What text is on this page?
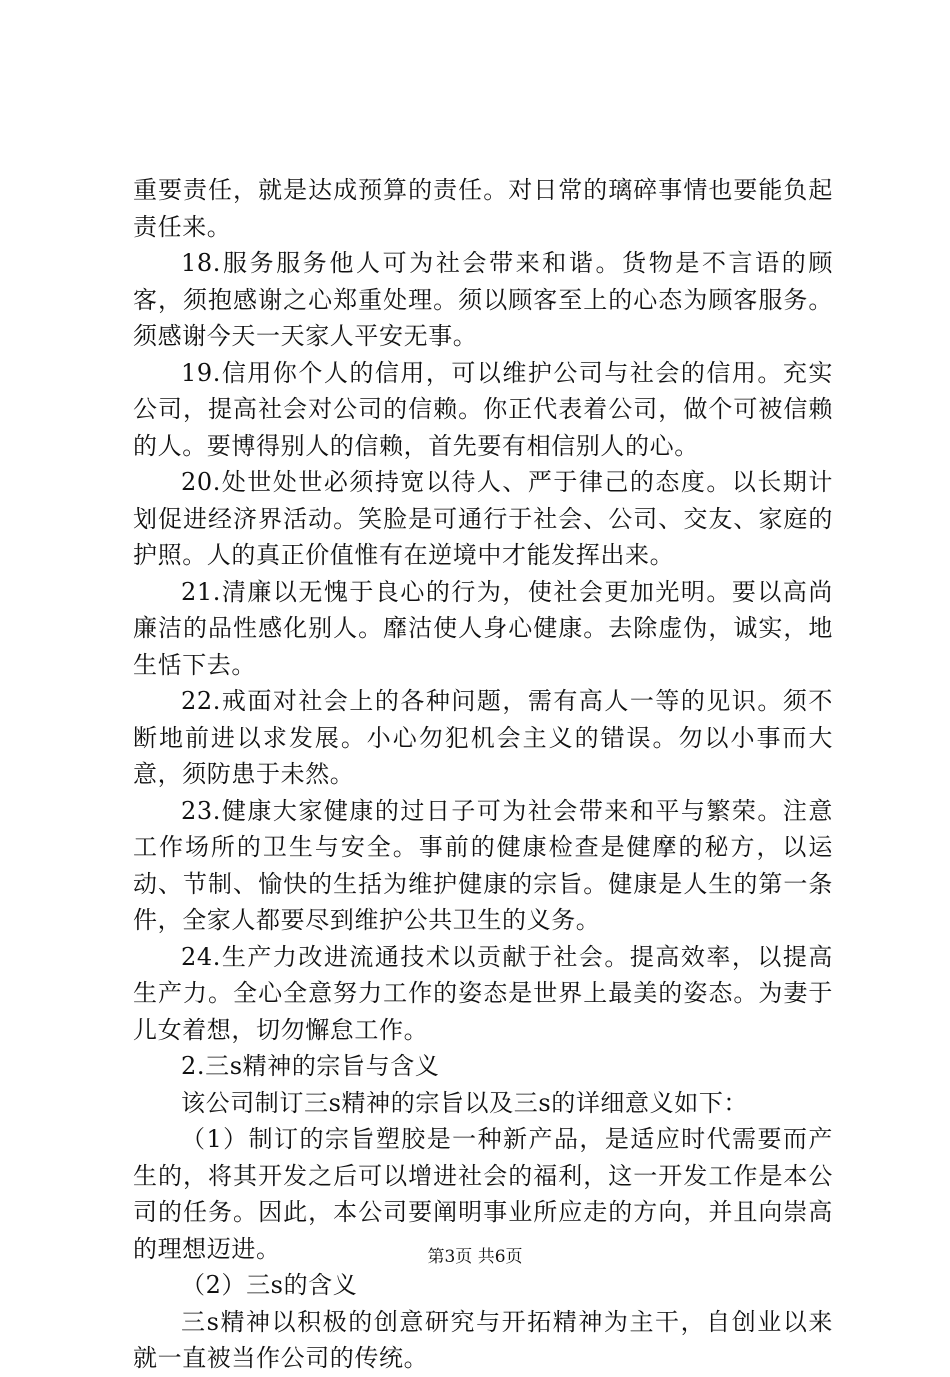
重要责任，就是达成预算的责任。对日常的璃碎事情也要能负起责任来。

18.服务服务他人可为社会带来和谐。货物是不言语的顾客，须抱感谢之心郑重处理。须以顾客至上的心态为顾客服务。须感谢今天一天家人平安无事。

19.信用你个人的信用，可以维护公司与社会的信用。充实公司，提高社会对公司的信赖。你正代表着公司，做个可被信赖的人。要博得别人的信赖，首先要有相信别人的心。

20.处世处世必须持宽以待人、严于律己的态度。以长期计划促进经济界活动。笑脸是可通行于社会、公司、交友、家庭的护照。人的真正价值惟有在逆境中才能发挥出来。

21.清廉以无愧于良心的行为，使社会更加光明。要以高尚廉洁的品性感化别人。靡沽使人身心健康。去除虚伪，诚实，地生恬下去。

22.戒面对社会上的各种问题，需有高人一等的见识。须不断地前进以求发展。小心勿犯机会主义的错误。勿以小事而大意，须防患于未然。

23.健康大家健康的过日子可为社会带来和平与繁荣。注意工作场所的卫生与安全。事前的健康检查是健摩的秘方，以运动、节制、愉快的生括为维护健康的宗旨。健康是人生的第一条件，全家人都要尽到维护公共卫生的义务。

24.生产力改进流通技术以贡献于社会。提高效率，以提高生产力。全心全意努力工作的姿态是世界上最美的姿态。为妻于儿女着想，切勿懈怠工作。

2.三s精神的宗旨与含义

该公司制订三s精神的宗旨以及三s的详细意义如下：

（1）制订的宗旨塑胶是一种新产品，是适应时代需要而产生的，将其开发之后可以增进社会的福利，这一开发工作是本公司的任务。因此，本公司要阐明事业所应走的方向，并且向崇高的理想迈进。

（2）三s的含义

三s精神以积极的创意研究与开拓精神为主干，自创业以来就一直被当作公司的传统。

第3页 共6页
